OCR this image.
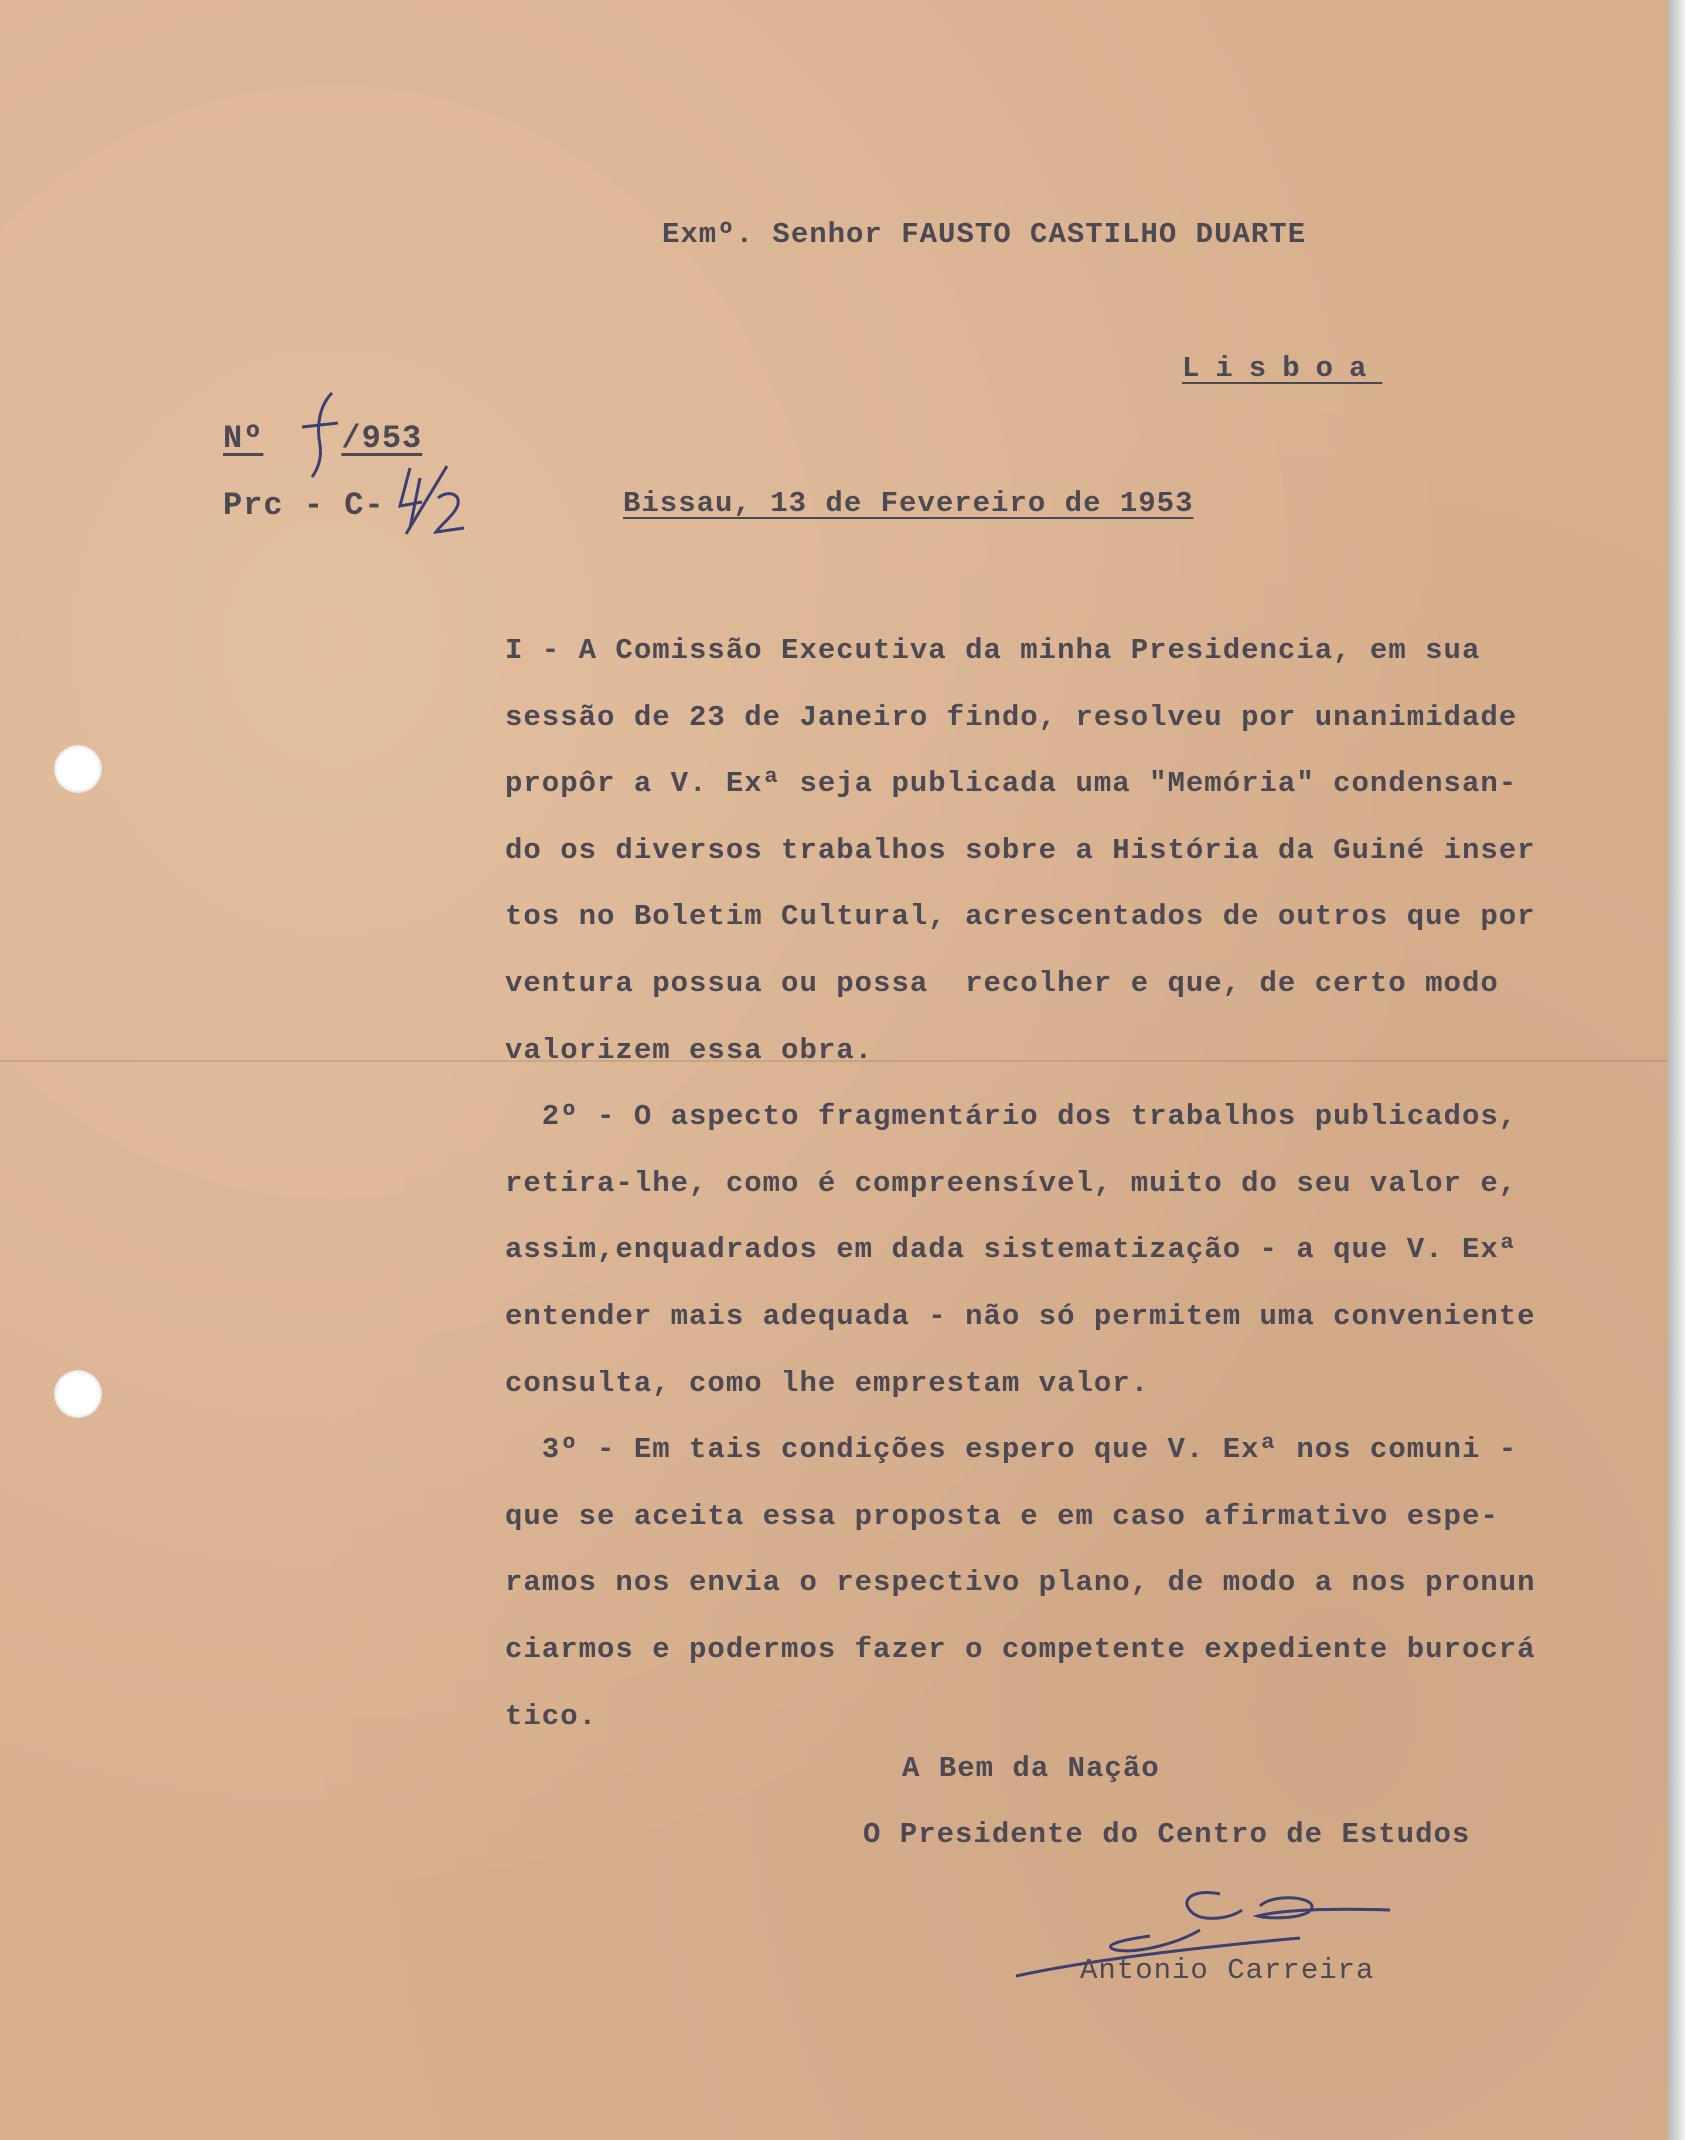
Exmº. Senhor FAUSTO CASTILHO DUARTE
Lisboa
Nº /953
Prc - C-	Bissau, 13 de Fevereiro de 1953
I - A Comissão Executiva da minha Presidencia, em sua
sessão de 23 de Janeiro findo, resolveu por unanimidade
propôr a V. Exª seja publicada uma "Memória" condensan-
do os diversos trabalhos sobre a História da Guiné inser
tos no Boletim Cultural, acrescentados de outros que por
ventura possua ou possa  recolher e que, de certo modo
valorizem essa obra.
2º - O aspecto fragmentário dos trabalhos publicados,
retira-lhe, como é compreensível, muito do seu valor e,
assim,enquadrados em dada sistematização - a que V. Exª
entender mais adequada - não só permitem uma conveniente
consulta, como lhe emprestam valor.
3º - Em tais condições espero que V. Exª nos comuni -
que se aceita essa proposta e em caso afirmativo espe-
ramos nos envia o respectivo plano, de modo a nos pronun
ciarmos e podermos fazer o competente expediente burocrá
tico.
A Bem da Nação
O Presidente do Centro de Estudos
Antonio Carreira
